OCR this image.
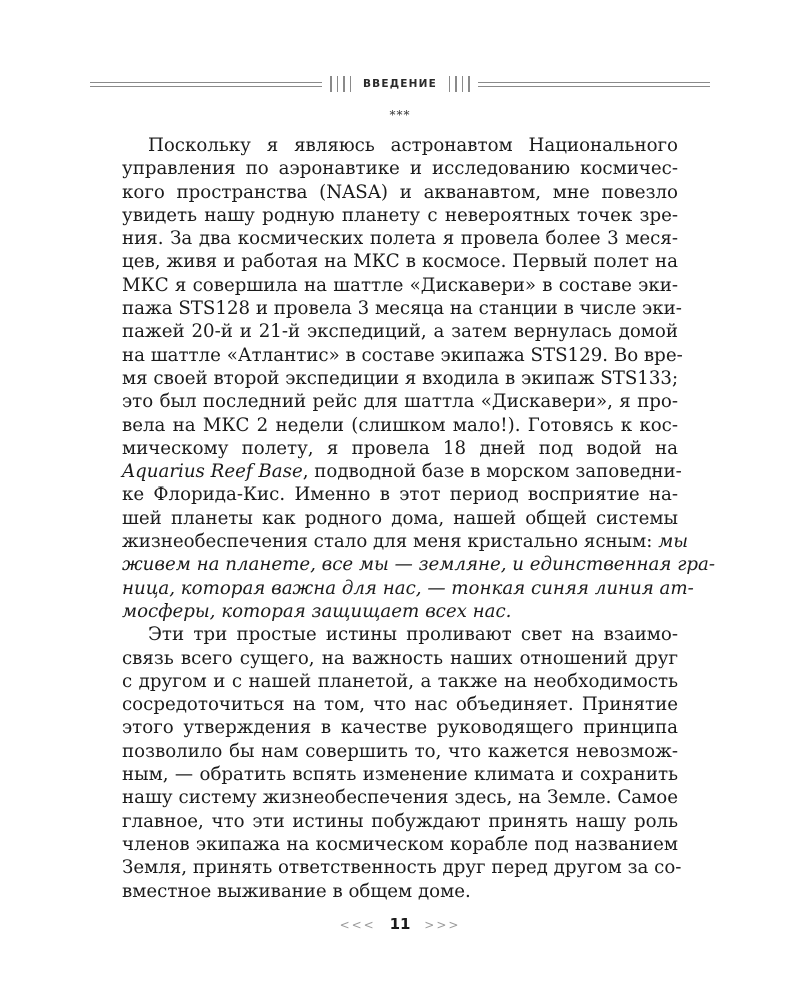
ВВЕДЕНИЕ
***
Поскольку я являюсь астронавтом Национального
управления по аэронавтике и исследованию космичес-
кого пространства (NASA) и акванавтом, мне повезло
увидеть нашу родную планету с невероятных точек зре-
ния. За два космических полета я провела более 3 меся-
цев, живя и работая на МКС в космосе. Первый полет на
МКС я совершила на шаттле «Дискавери» в составе эки-
пажа STS128 и провела 3 месяца на станции в числе эки-
пажей 20-й и 21-й экспедиций, а затем вернулась домой
на шаттле «Атлантис» в составе экипажа STS129. Во вре-
мя своей второй экспедиции я входила в экипаж STS133;
это был последний рейс для шаттла «Дискавери», я про-
вела на МКС 2 недели (слишком мало!). Готовясь к кос-
мическому полету, я провела 18 дней под водой на
Aquarius Reef Base, подводной базе в морском заповедни-
ке Флорида-Кис. Именно в этот период восприятие на-
шей планеты как родного дома, нашей общей системы
жизнеобеспечения стало для меня кристально ясным: мы
живем на планете, все мы — земляне, и единственная гра-
ница, которая важна для нас, — тонкая синяя линия ат-
мосферы, которая защищает всех нас.
Эти три простые истины проливают свет на взаимо-
связь всего сущего, на важность наших отношений друг
с другом и с нашей планетой, а также на необходимость
сосредоточиться на том, что нас объединяет. Принятие
этого утверждения в качестве руководящего принципа
позволило бы нам совершить то, что кажется невозмож-
ным, — обратить вспять изменение климата и сохранить
нашу систему жизнеобеспечения здесь, на Земле. Самое
главное, что эти истины побуждают принять нашу роль
членов экипажа на космическом корабле под названием
Земля, принять ответственность друг перед другом за со-
вместное выживание в общем доме.
<<< 11 >>>
